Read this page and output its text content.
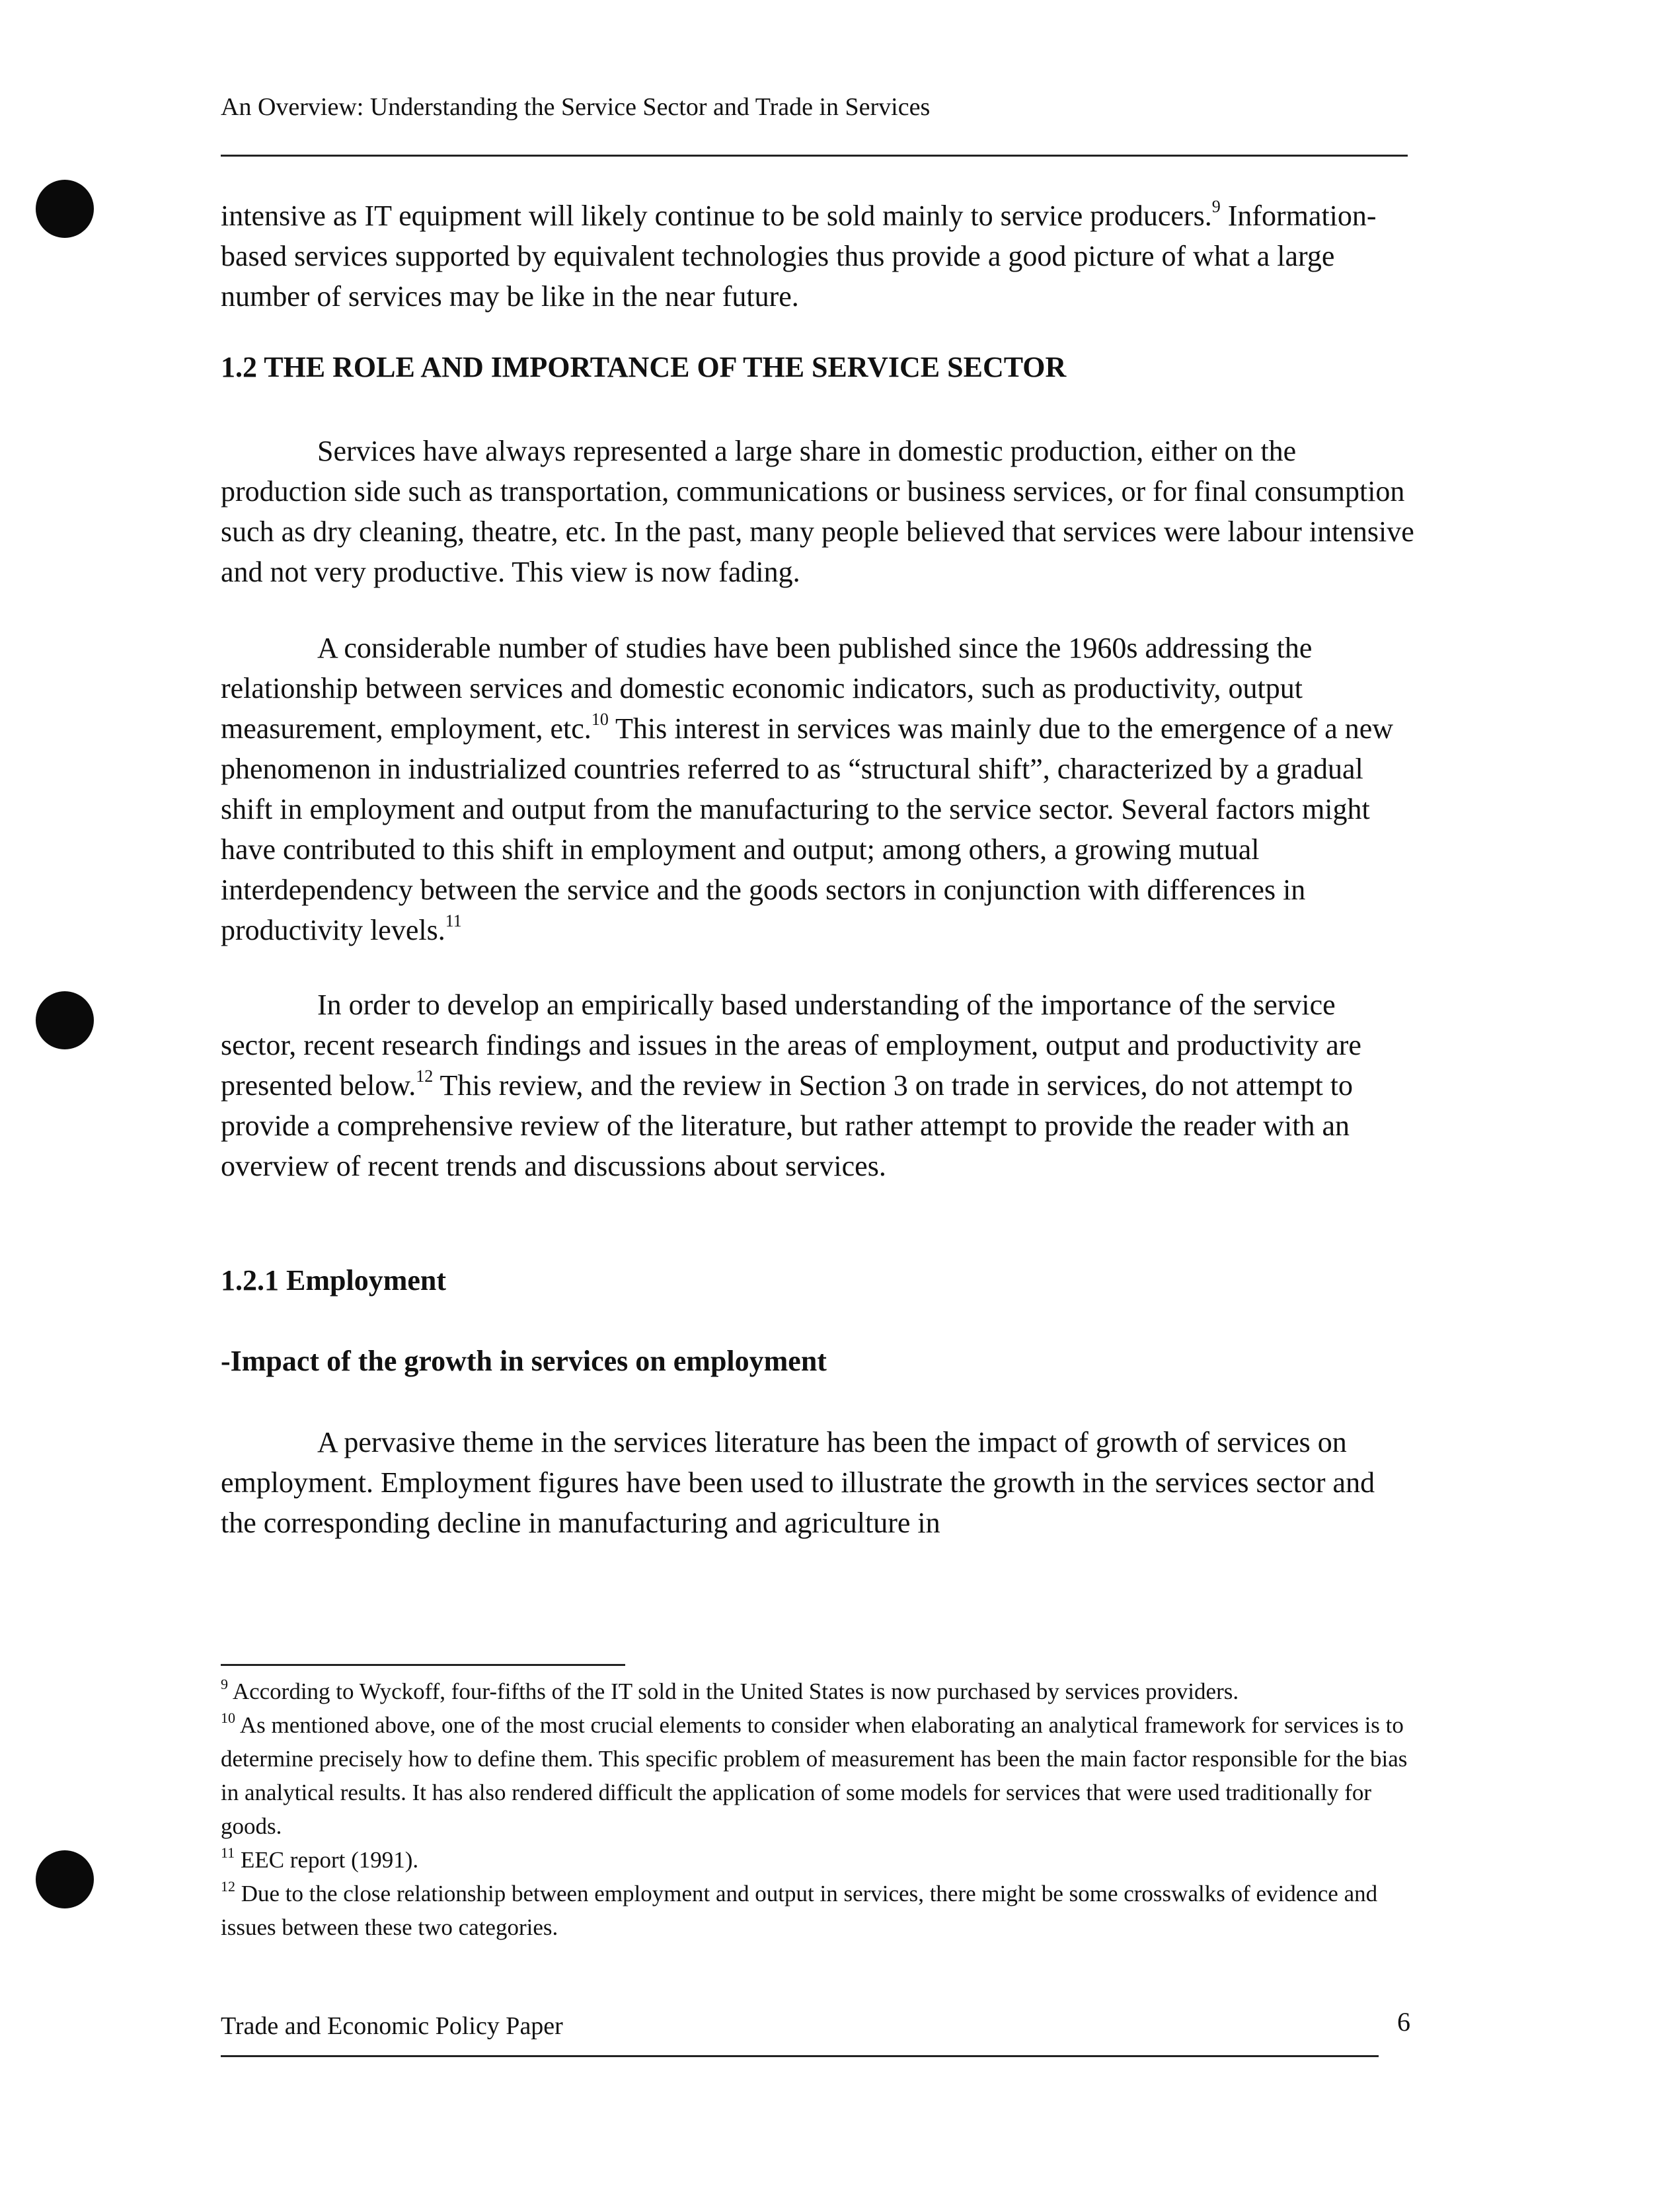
An Overview: Understanding the Service Sector and Trade in Services

intensive as IT equipment will likely continue to be sold mainly to service producers.$^9$ Information-based services supported by equivalent technologies thus provide a good picture of what a large number of services may be like in the near future.

1.2 THE ROLE AND IMPORTANCE OF THE SERVICE SECTOR

Services have always represented a large share in domestic production, either on the production side such as transportation, communications or business services, or for final consumption such as dry cleaning, theatre, etc. In the past, many people believed that services were labour intensive and not very productive. This view is now fading.

A considerable number of studies have been published since the 1960s addressing the relationship between services and domestic economic indicators, such as productivity, output measurement, employment, etc.$^{10}$ This interest in services was mainly due to the emergence of a new phenomenon in industrialized countries referred to as “structural shift”, characterized by a gradual shift in employment and output from the manufacturing to the service sector. Several factors might have contributed to this shift in employment and output; among others, a growing mutual interdependency between the service and the goods sectors in conjunction with differences in productivity levels.$^{11}$

In order to develop an empirically based understanding of the importance of the service sector, recent research findings and issues in the areas of employment, output and productivity are presented below.$^{12}$ This review, and the review in Section 3 on trade in services, do not attempt to provide a comprehensive review of the literature, but rather attempt to provide the reader with an overview of recent trends and discussions about services.

1.2.1 Employment
-Impact of the growth in services on employment

A pervasive theme in the services literature has been the impact of growth of services on employment. Employment figures have been used to illustrate the growth in the services sector and the corresponding decline in manufacturing and agriculture in

$^9$ According to Wyckoff, four-fifths of the IT sold in the United States is now purchased by services providers.

$^{10}$ As mentioned above, one of the most crucial elements to consider when elaborating an analytical framework for services is to determine precisely how to define them. This specific problem of measurement has been the main factor responsible for the bias in analytical results. It has also rendered difficult the application of some models for services that were used traditionally for goods.

$^{11}$ EEC report (1991).

$^{12}$ Due to the close relationship between employment and output in services, there might be some crosswalks of evidence and issues between these two categories.

Trade and Economic Policy Paper	6
